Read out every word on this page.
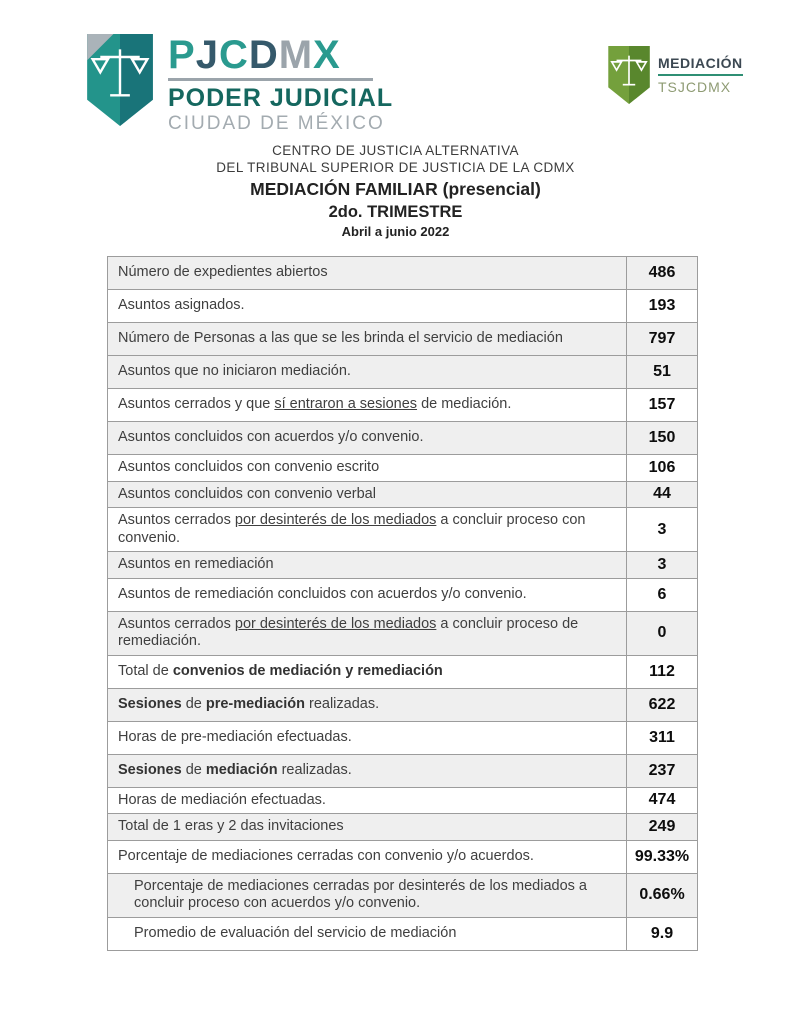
PJCDMX
PODER JUDICIAL
CIUDAD DE MÉXICO
MEDIACIÓN
TSJCDMX
CENTRO DE JUSTICIA ALTERNATIVA
DEL TRIBUNAL SUPERIOR DE JUSTICIA DE LA CDMX
MEDIACIÓN FAMILIAR (presencial)
2do. TRIMESTRE
Abril a junio 2022
Número de expedientes abiertos	486
Asuntos asignados.	193
Número de Personas a las que se les brinda el servicio de mediación	797
Asuntos que no iniciaron mediación.	51
Asuntos cerrados y que sí entraron a sesiones de mediación.	157
Asuntos concluidos con acuerdos y/o convenio.	150
Asuntos concluidos con convenio escrito	106
Asuntos concluidos con convenio verbal	44
Asuntos cerrados por desinterés de los mediados a concluir proceso con convenio.	3
Asuntos en remediación	3
Asuntos de remediación concluidos con acuerdos y/o convenio.	6
Asuntos cerrados por desinterés de los mediados a concluir proceso de remediación.	0
Total de convenios de mediación y remediación	112
Sesiones de pre-mediación realizadas.	622
Horas de pre-mediación efectuadas.	311
Sesiones de mediación realizadas.	237
Horas de mediación efectuadas.	474
Total de 1 eras y 2 das invitaciones	249
Porcentaje de mediaciones cerradas con convenio y/o acuerdos.	99.33%
Porcentaje de mediaciones cerradas por desinterés de los mediados a concluir proceso con acuerdos y/o convenio.	0.66%
Promedio de evaluación del servicio de mediación	9.9
